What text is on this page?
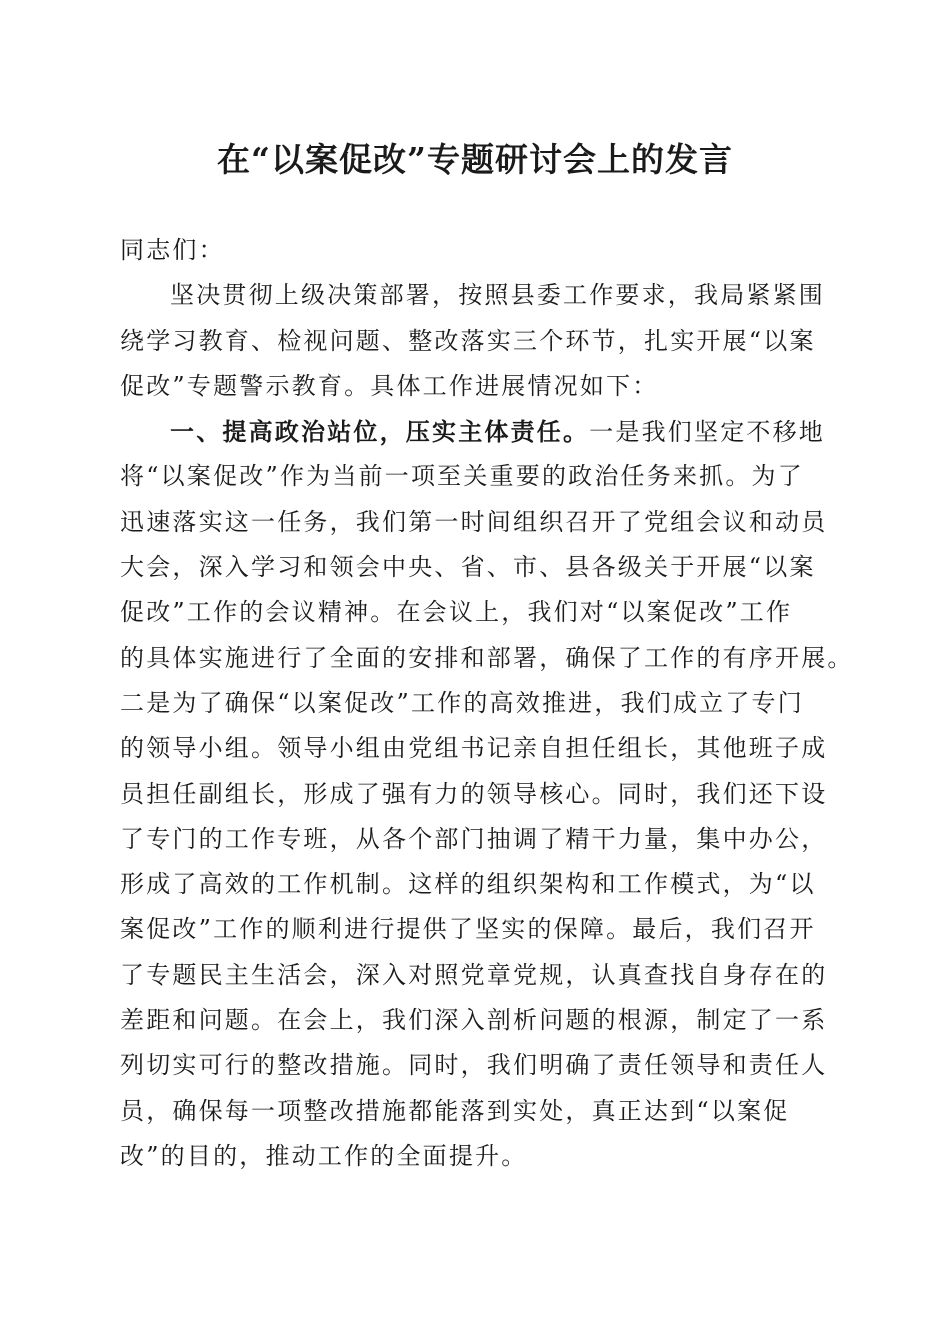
在“以案促改”专题研讨会上的发言
同志们：
坚决贯彻上级决策部署，按照县委工作要求，我局紧紧围
绕学习教育、检视问题、整改落实三个环节，扎实开展“以案
促改”专题警示教育。具体工作进展情况如下：
一、提高政治站位，压实主体责任。一是我们坚定不移地
将“以案促改”作为当前一项至关重要的政治任务来抓。为了
迅速落实这一任务，我们第一时间组织召开了党组会议和动员
大会，深入学习和领会中央、省、市、县各级关于开展“以案
促改”工作的会议精神。在会议上，我们对“以案促改”工作
的具体实施进行了全面的安排和部署，确保了工作的有序开展。
二是为了确保“以案促改”工作的高效推进，我们成立了专门
的领导小组。领导小组由党组书记亲自担任组长，其他班子成
员担任副组长，形成了强有力的领导核心。同时，我们还下设
了专门的工作专班，从各个部门抽调了精干力量，集中办公，
形成了高效的工作机制。这样的组织架构和工作模式，为“以
案促改”工作的顺利进行提供了坚实的保障。最后，我们召开
了专题民主生活会，深入对照党章党规，认真查找自身存在的
差距和问题。在会上，我们深入剖析问题的根源，制定了一系
列切实可行的整改措施。同时，我们明确了责任领导和责任人
员，确保每一项整改措施都能落到实处，真正达到“以案促
改”的目的，推动工作的全面提升。
